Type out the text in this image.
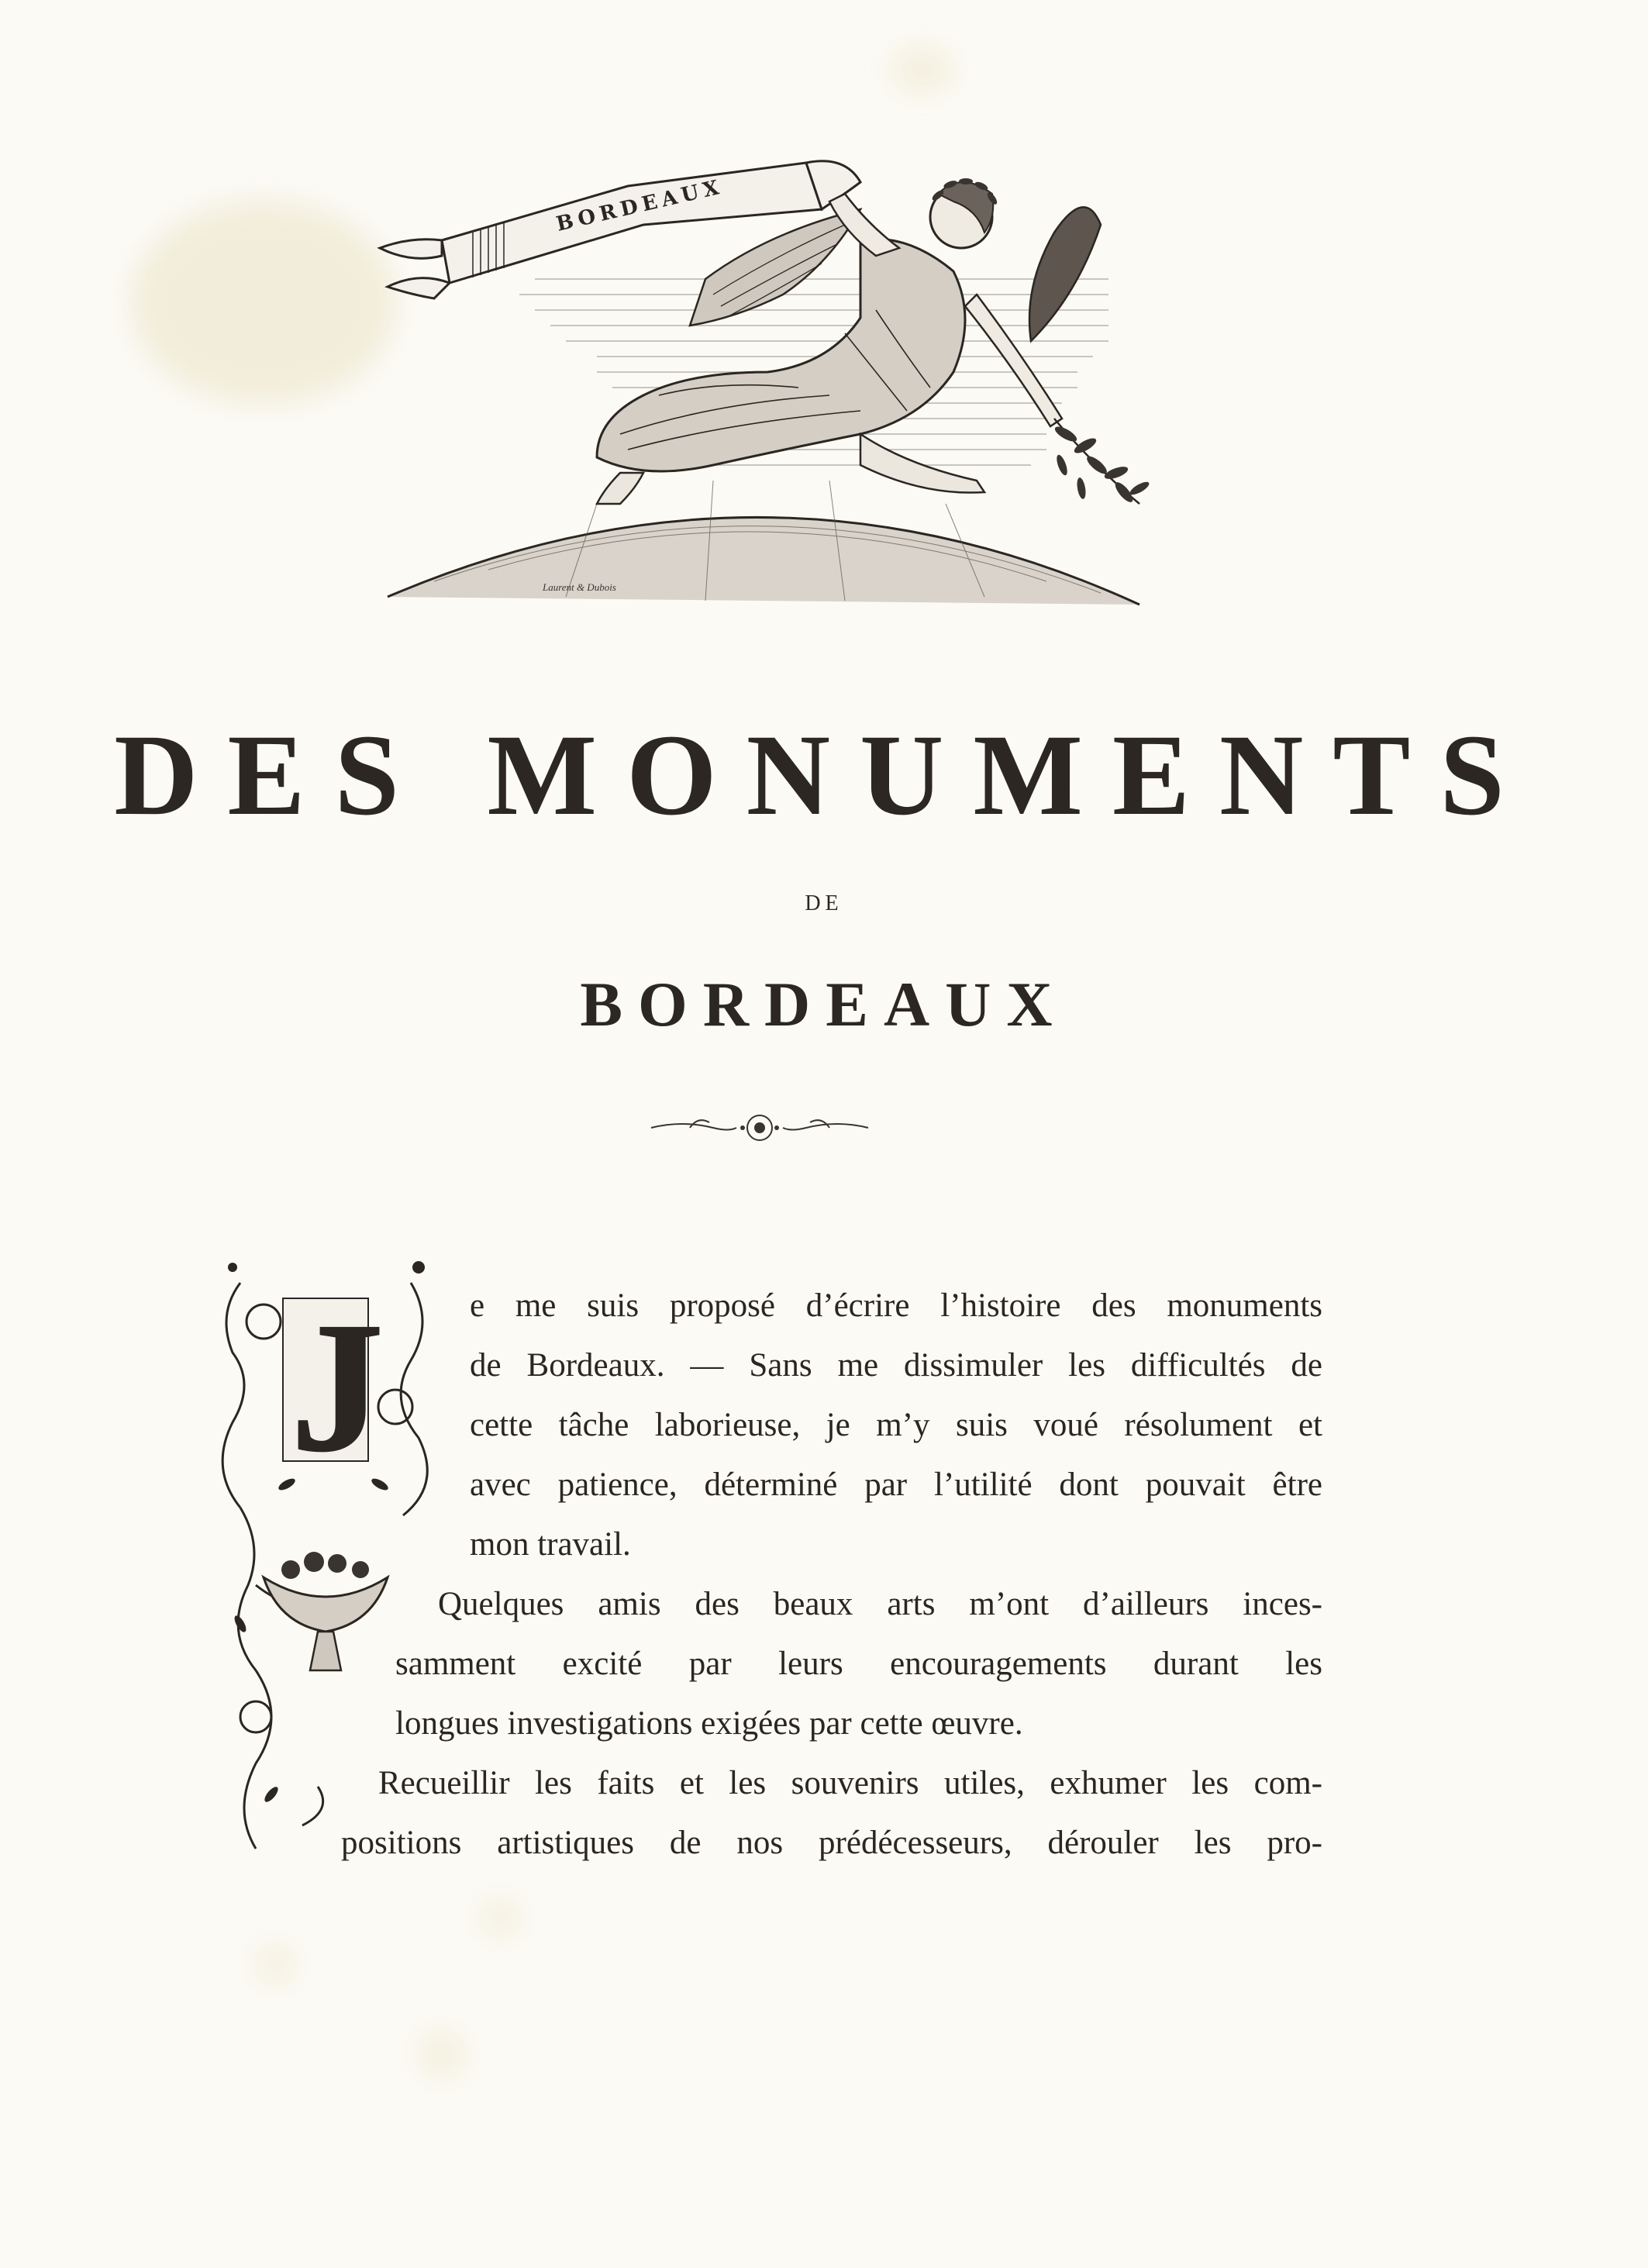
BORDEAUX
Laurent & Dubois
DES MONUMENTS
DE
BORDEAUX
J	e me suis proposé d’écrire l’histoire des monuments
de Bordeaux. — Sans me dissimuler les difficultés de
cette tâche laborieuse, je m’y suis voué résolument et
avec patience, déterminé par l’utilité dont pouvait être
mon travail.
Quelques amis des beaux arts m’ont d’ailleurs inces-
samment excité par leurs encouragements durant les
longues investigations exigées par cette œuvre.
Recueillir les faits et les souvenirs utiles, exhumer les com-
positions artistiques de nos prédécesseurs, dérouler les pro-
